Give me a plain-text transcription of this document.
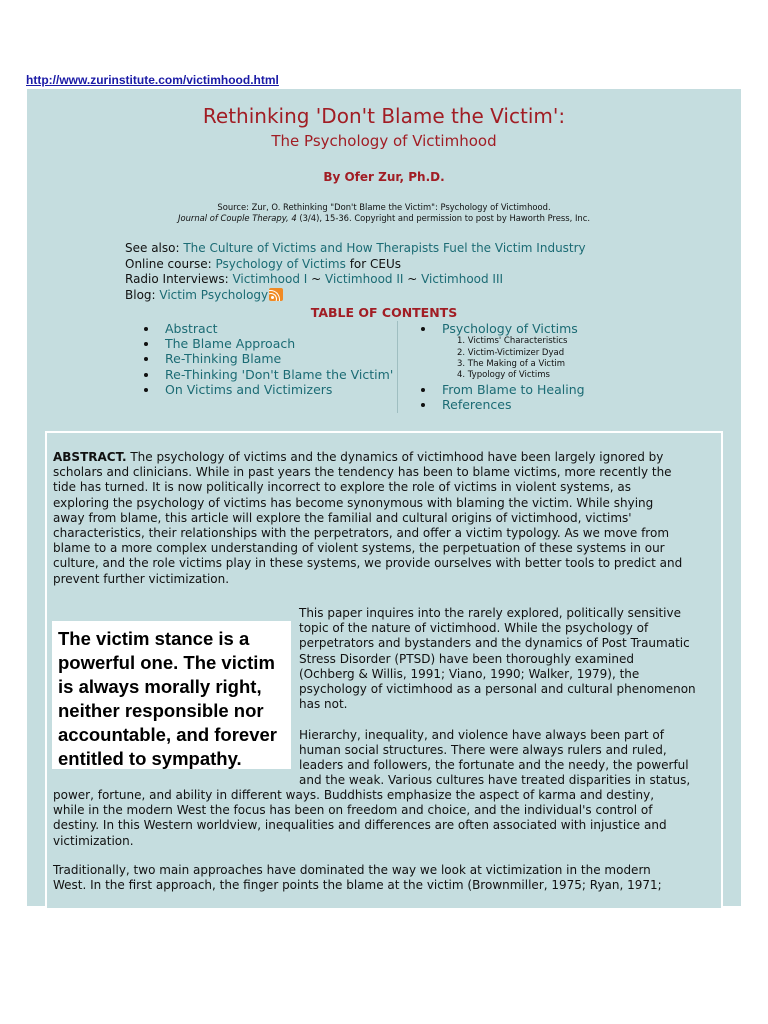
http://www.zurinstitute.com/victimhood.html
Rethinking 'Don't Blame the Victim':
The Psychology of Victimhood
By Ofer Zur, Ph.D.
Source: Zur, O. Rethinking "Don't Blame the Victim": Psychology of Victimhood.
Journal of Couple Therapy, 4 (3/4), 15-36. Copyright and permission to post by Haworth Press, Inc.
See also: The Culture of Victims and How Therapists Fuel the Victim Industry
Online course: Psychology of Victims for CEUs
Radio Interviews: Victimhood I ~ Victimhood II ~ Victimhood III
Blog: Victim Psychology
TABLE OF CONTENTS
Abstract
The Blame Approach
Re-Thinking Blame
Re-Thinking 'Don't Blame the Victim'
On Victims and Victimizers
Psychology of Victims
1. Victims' Characteristics
2. Victim-Victimizer Dyad
3. The Making of a Victim
4. Typology of Victims
From Blame to Healing
References
ABSTRACT. The psychology of victims and the dynamics of victimhood have been largely ignored by
scholars and clinicians. While in past years the tendency has been to blame victims, more recently the
tide has turned. It is now politically incorrect to explore the role of victims in violent systems, as
exploring the psychology of victims has become synonymous with blaming the victim. While shying
away from blame, this article will explore the familial and cultural origins of victimhood, victims'
characteristics, their relationships with the perpetrators, and offer a victim typology. As we move from
blame to a more complex understanding of violent systems, the perpetuation of these systems in our
culture, and the role victims play in these systems, we provide ourselves with better tools to predict and
prevent further victimization.
The victim stance is a powerful one. The victim is always morally right, neither responsible nor accountable, and forever entitled to sympathy.
This paper inquires into the rarely explored, politically sensitive
topic of the nature of victimhood. While the psychology of
perpetrators and bystanders and the dynamics of Post Traumatic
Stress Disorder (PTSD) have been thoroughly examined
(Ochberg & Willis, 1991; Viano, 1990; Walker, 1979), the
psychology of victimhood as a personal and cultural phenomenon
has not.
Hierarchy, inequality, and violence have always been part of
human social structures. There were always rulers and ruled,
leaders and followers, the fortunate and the needy, the powerful
and the weak. Various cultures have treated disparities in status,
power, fortune, and ability in different ways. Buddhists emphasize the aspect of karma and destiny,
while in the modern West the focus has been on freedom and choice, and the individual's control of
destiny. In this Western worldview, inequalities and differences are often associated with injustice and
victimization.
Traditionally, two main approaches have dominated the way we look at victimization in the modern
West. In the first approach, the finger points the blame at the victim (Brownmiller, 1975; Ryan, 1971;
